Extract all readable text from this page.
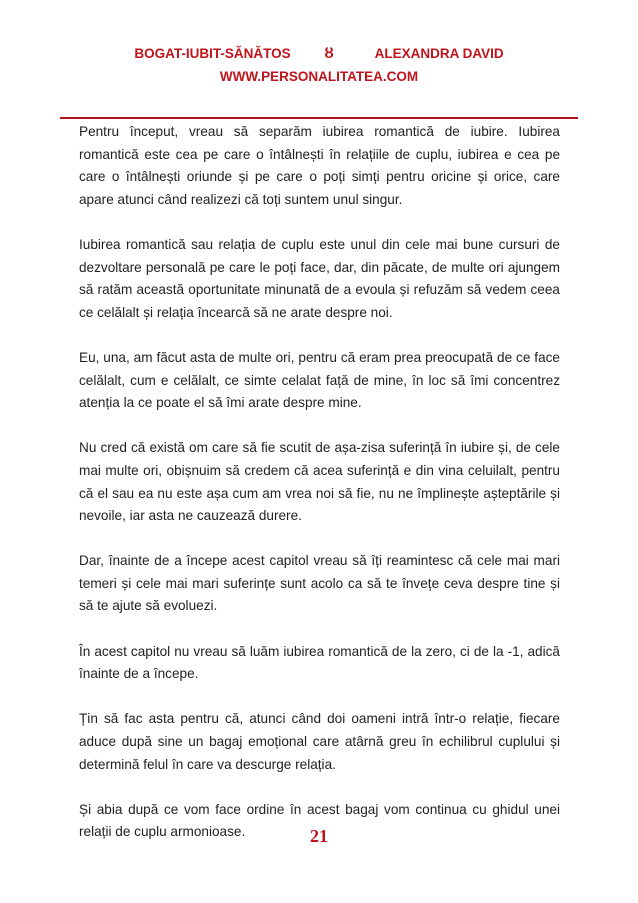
BOGAT-IUBIT-SĂNĂTOS	ȣ	ALEXANDRA DAVID
WWW.PERSONALITATEA.COM

Pentru început, vreau să separăm iubirea romantică de iubire. Iubirea romantică este cea pe care o întâlnești în relațiile de cuplu, iubirea e cea pe care o întâlnești oriunde și pe care o poți simți pentru oricine și orice, care apare atunci când realizezi că toți suntem unul singur.

Iubirea romantică sau relația de cuplu este unul din cele mai bune cursuri de dezvoltare personală pe care le poți face, dar, din păcate, de multe ori ajungem să ratăm această oportunitate minunată de a evoula și refuzăm să vedem ceea ce celălalt și relația încearcă să ne arate despre noi.

Eu, una, am făcut asta de multe ori, pentru că eram prea preocupată de ce face celălalt, cum e celălalt, ce simte celalat față de mine, în loc să îmi concentrez atenția la ce poate el să îmi arate despre mine.

Nu cred că există om care să fie scutit de așa-zisa suferință în iubire și, de cele mai multe ori, obișnuim să credem că acea suferință e din vina celuilalt, pentru că el sau ea nu este așa cum am vrea noi să fie, nu ne împlinește așteptările și nevoile, iar asta ne cauzează durere.

Dar, înainte de a începe acest capitol vreau să îți reamintesc că cele mai mari temeri și cele mai mari suferințe sunt acolo ca să te învețe ceva despre tine și să te ajute să evoluezi.

În acest capitol nu vreau să luăm iubirea romantică de la zero, ci de la -1, adică înainte de a începe.

Țin să fac asta pentru că, atunci când doi oameni intră într-o relație, fiecare aduce după sine un bagaj emoțional care atârnă greu în echilibrul cuplului și determină felul în care va descurge relația.

Și abia după ce vom face ordine în acest bagaj vom continua cu ghidul unei relații de cuplu armonioase.	21
